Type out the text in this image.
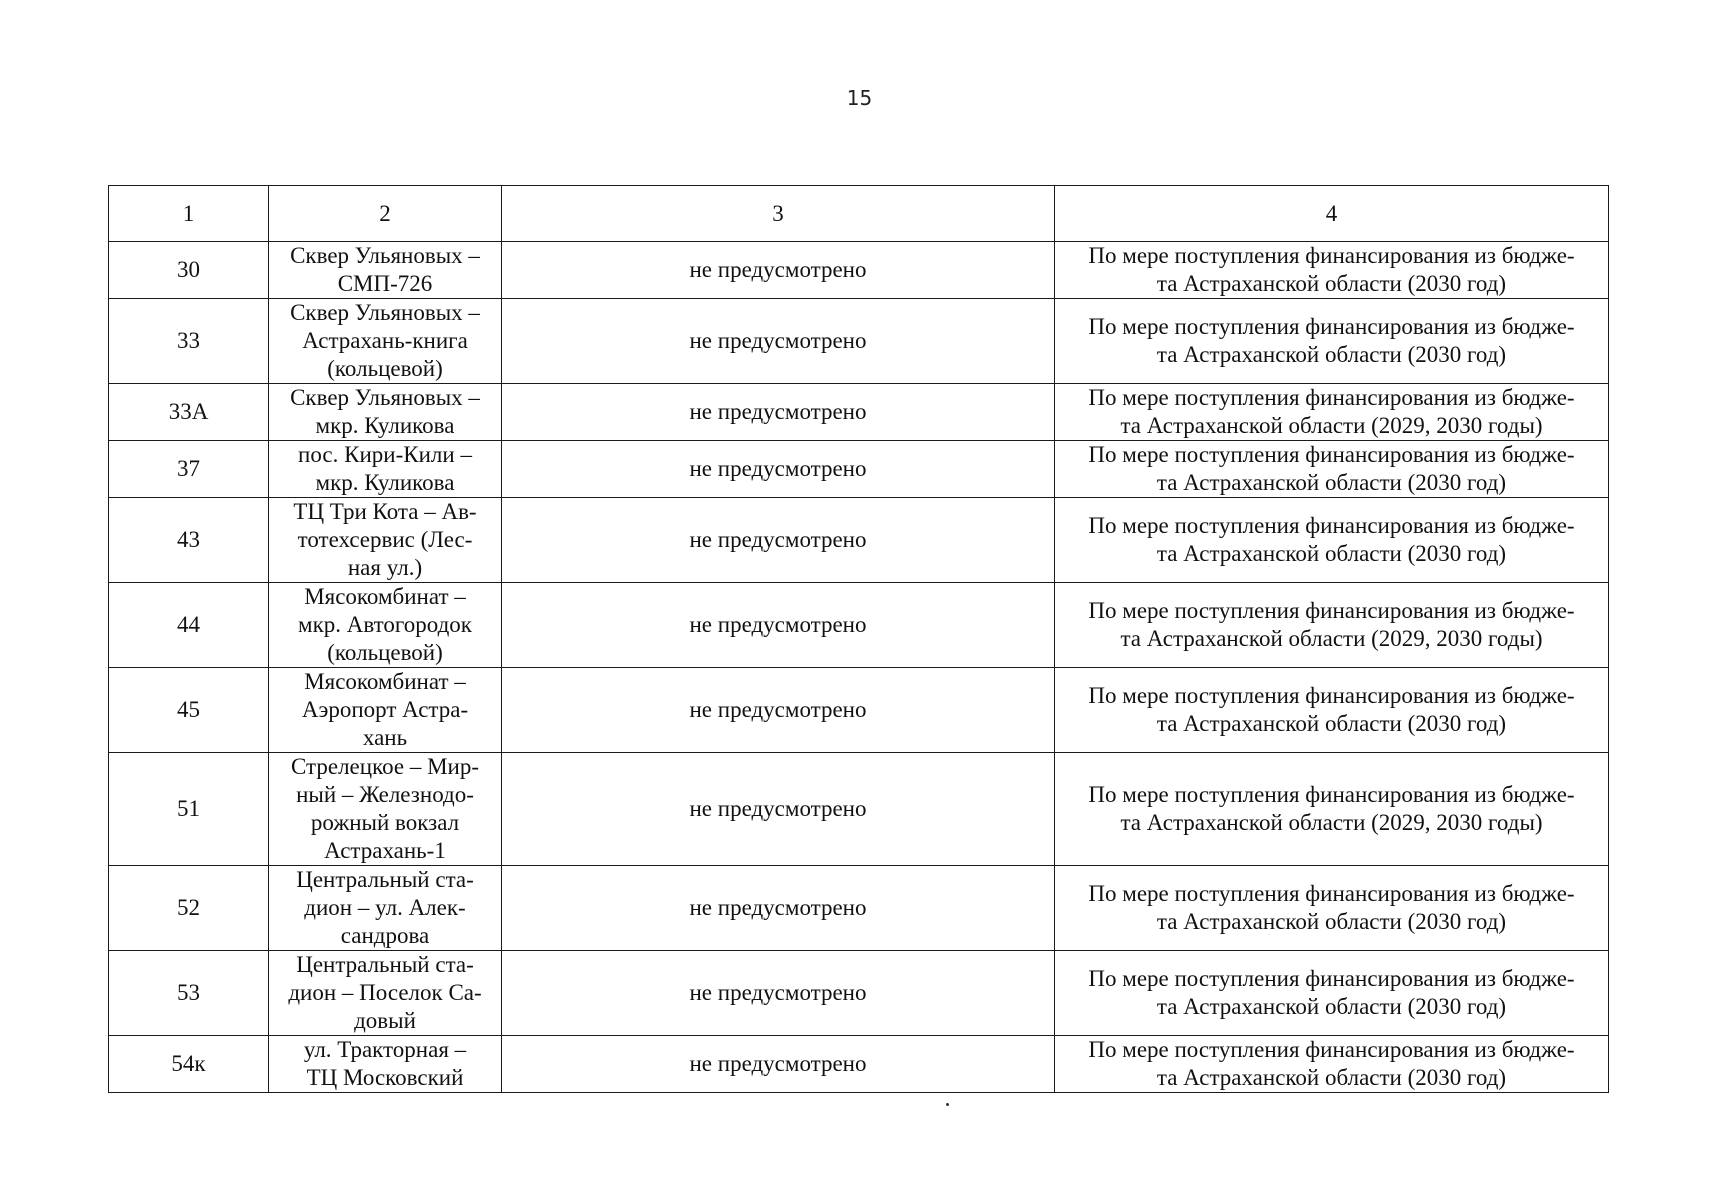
15
1	2	3	4
30	Сквер Ульяновых –
СМП-726	не предусмотрено	По мере поступления финансирования из бюдже-
та Астраханской области (2030 год)
33	Сквер Ульяновых –
Астрахань-книга
(кольцевой)	не предусмотрено	По мере поступления финансирования из бюдже-
та Астраханской области (2030 год)
33А	Сквер Ульяновых –
мкр. Куликова	не предусмотрено	По мере поступления финансирования из бюдже-
та Астраханской области (2029, 2030 годы)
37	пос. Кири-Кили –
мкр. Куликова	не предусмотрено	По мере поступления финансирования из бюдже-
та Астраханской области (2030 год)
43	ТЦ Три Кота – Ав-
тотехсервис (Лес-
ная ул.)	не предусмотрено	По мере поступления финансирования из бюдже-
та Астраханской области (2030 год)
44	Мясокомбинат –
мкр. Автогородок
(кольцевой)	не предусмотрено	По мере поступления финансирования из бюдже-
та Астраханской области (2029, 2030 годы)
45	Мясокомбинат –
Аэропорт Астра-
хань	не предусмотрено	По мере поступления финансирования из бюдже-
та Астраханской области (2030 год)
51	Стрелецкое – Мир-
ный – Железнодо-
рожный вокзал
Астрахань-1	не предусмотрено	По мере поступления финансирования из бюдже-
та Астраханской области (2029, 2030 годы)
52	Центральный ста-
дион – ул. Алек-
сандрова	не предусмотрено	По мере поступления финансирования из бюдже-
та Астраханской области (2030 год)
53	Центральный ста-
дион – Поселок Са-
довый	не предусмотрено	По мере поступления финансирования из бюдже-
та Астраханской области (2030 год)
54к	ул. Тракторная –
ТЦ Московский	не предусмотрено	По мере поступления финансирования из бюдже-
та Астраханской области (2030 год)
